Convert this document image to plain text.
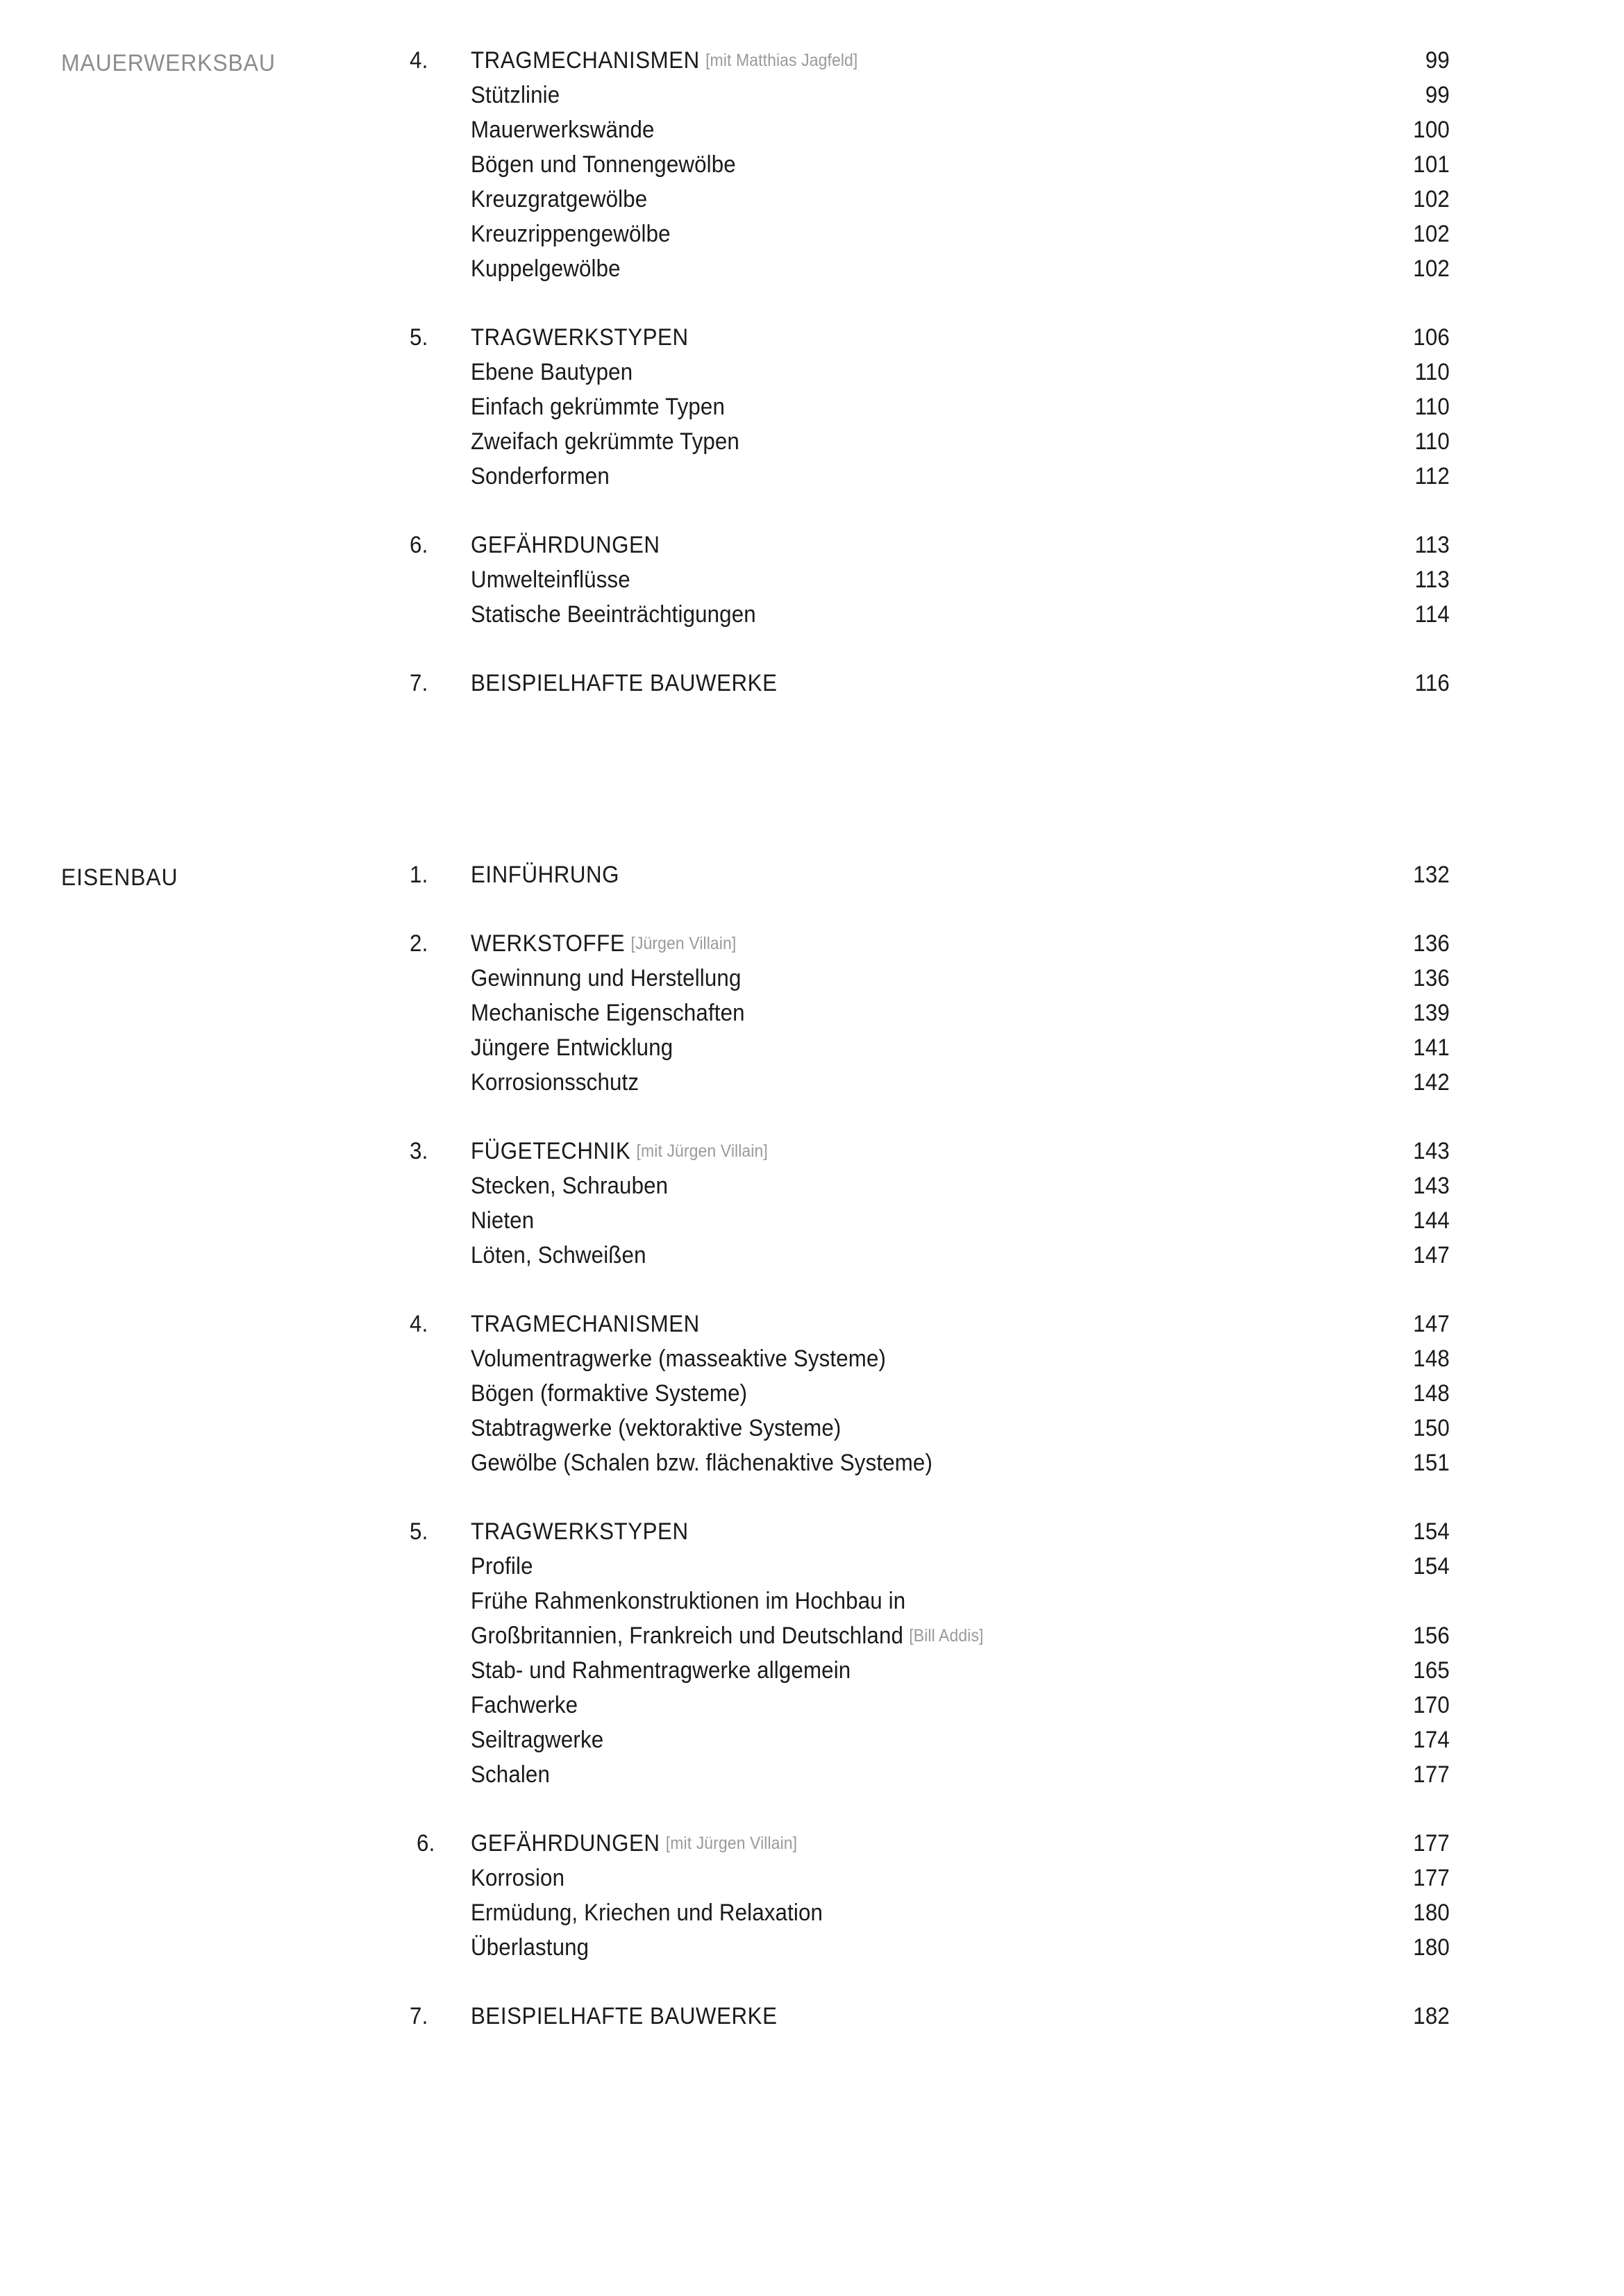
MAUERWERKSBAU	4.	TRAGMECHANISMEN [mit Matthias Jagfeld]	99
Stützlinie	99
Mauerwerkswände	100
Bögen und Tonnengewölbe	101
Kreuzgratgewölbe	102
Kreuzrippengewölbe	102
Kuppelgewölbe	102
5.	TRAGWERKSTYPEN	106
Ebene Bautypen	110
Einfach gekrümmte Typen	110
Zweifach gekrümmte Typen	110
Sonderformen	112
6.	GEFÄHRDUNGEN	113
Umwelteinflüsse	113
Statische Beeinträchtigungen	114
7.	BEISPIELHAFTE BAUWERKE	116
EISENBAU	1.	EINFÜHRUNG	132
2.	WERKSTOFFE [Jürgen Villain]	136
Gewinnung und Herstellung	136
Mechanische Eigenschaften	139
Jüngere Entwicklung	141
Korrosionsschutz	142
3.	FÜGETECHNIK [mit Jürgen Villain]	143
Stecken, Schrauben	143
Nieten	144
Löten, Schweißen	147
4.	TRAGMECHANISMEN	147
Volumentragwerke (masseaktive Systeme)	148
Bögen (formaktive Systeme)	148
Stabtragwerke (vektoraktive Systeme)	150
Gewölbe (Schalen bzw. flächenaktive Systeme)	151
5.	TRAGWERKSTYPEN	154
Profile	154
Frühe Rahmenkonstruktionen im Hochbau in
Großbritannien, Frankreich und Deutschland [Bill Addis]	156
Stab- und Rahmentragwerke allgemein	165
Fachwerke	170
Seiltragwerke	174
Schalen	177
6.	GEFÄHRDUNGEN [mit Jürgen Villain]	177
Korrosion	177
Ermüdung, Kriechen und Relaxation	180
Überlastung	180
7.	BEISPIELHAFTE BAUWERKE	182
